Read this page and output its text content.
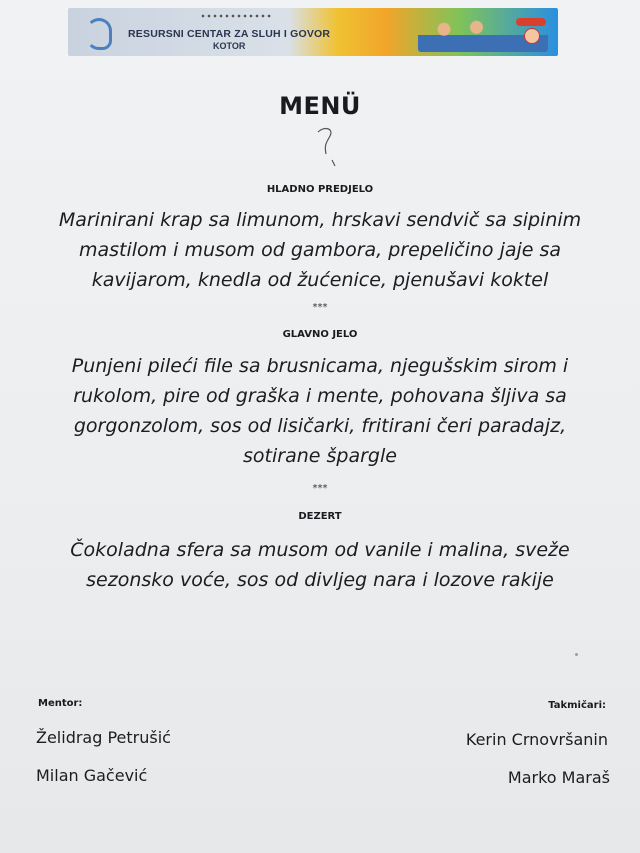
RESURSNI CENTAR ZA SLUH I GOVOR
KOTOR
MENÜ
HLADNO PREDJELO
Marinirani krap sa limunom, hrskavi sendvič sa sipinim
mastilom i musom od gambora, prepeličino jaje sa
kavijarom, knedla od žućenice, pjenušavi koktel
***
GLAVNO JELO
Punjeni pileći file sa brusnicama, njegušskim sirom i
rukolom, pire od graška i mente, pohovana šljiva sa
gorgonzolom, sos od lisičarki, fritirani čeri paradajz,
sotirane špargle
***
DEZERT
Čokoladna sfera sa musom od vanile i malina, sveže
sezonsko voće, sos od divljeg nara i lozove rakije
Mentor:
Želidrag Petrušić
Milan Gačević
Takmičari:
Kerin Crnovršanin
Marko Maraš
